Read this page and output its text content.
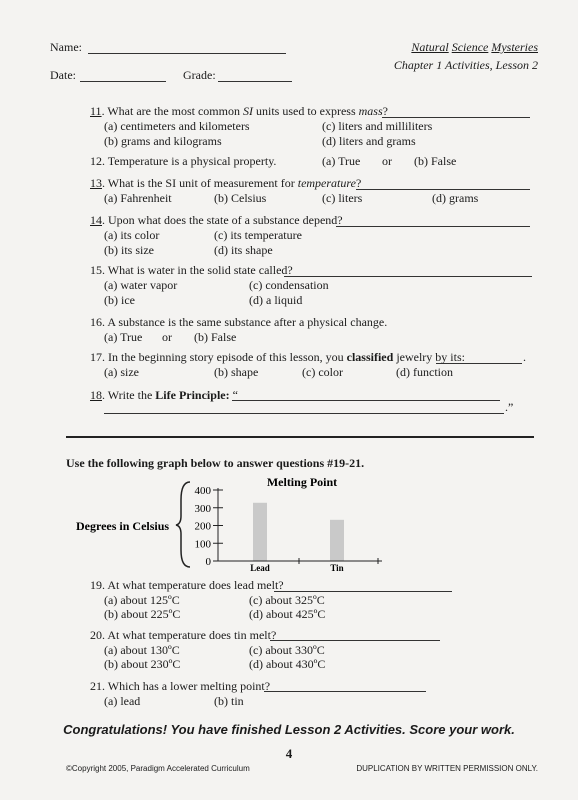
Name:
Date:	Grade:
Natural Science Mysteries
Chapter 1 Activities, Lesson 2
11. What are the most common SI units used to express mass?
(a) centimeters and kilometers	(c) liters and milliliters
(b) grams and kilograms	(d) liters and grams
12. Temperature is a physical property.	(a) True or (b) False
13. What is the SI unit of measurement for temperature?
(a) Fahrenheit	(b) Celsius	(c) liters	(d) grams
14. Upon what does the state of a substance depend?
(a) its color	(c) its temperature
(b) its size	(d) its shape
15. What is water in the solid state called?
(a) water vapor	(c) condensation
(b) ice	(d) a liquid
16. A substance is the same substance after a physical change.
(a) True or (b) False
17. In the beginning story episode of this lesson, you classified jewelry by its:	.
(a) size	(b) shape	(c) color	(d) function
18. Write the Life Principle: “
.”
Use the following graph below to answer questions #19-21.
Degrees in Celsius
Melting Point
Lead	Tin
400
300
200
100
0
19. At what temperature does lead melt?
(a) about 125ºC	(c) about 325ºC
(b) about 225ºC	(d) about 425ºC
20. At what temperature does tin melt?
(a) about 130ºC	(c) about 330ºC
(b) about 230ºC	(d) about 430ºC
21. Which has a lower melting point?
(a) lead	(b) tin
Congratulations! You have finished Lesson 2 Activities. Score your work.
4
©Copyright 2005, Paradigm Accelerated Curriculum	DUPLICATION BY WRITTEN PERMISSION ONLY.
